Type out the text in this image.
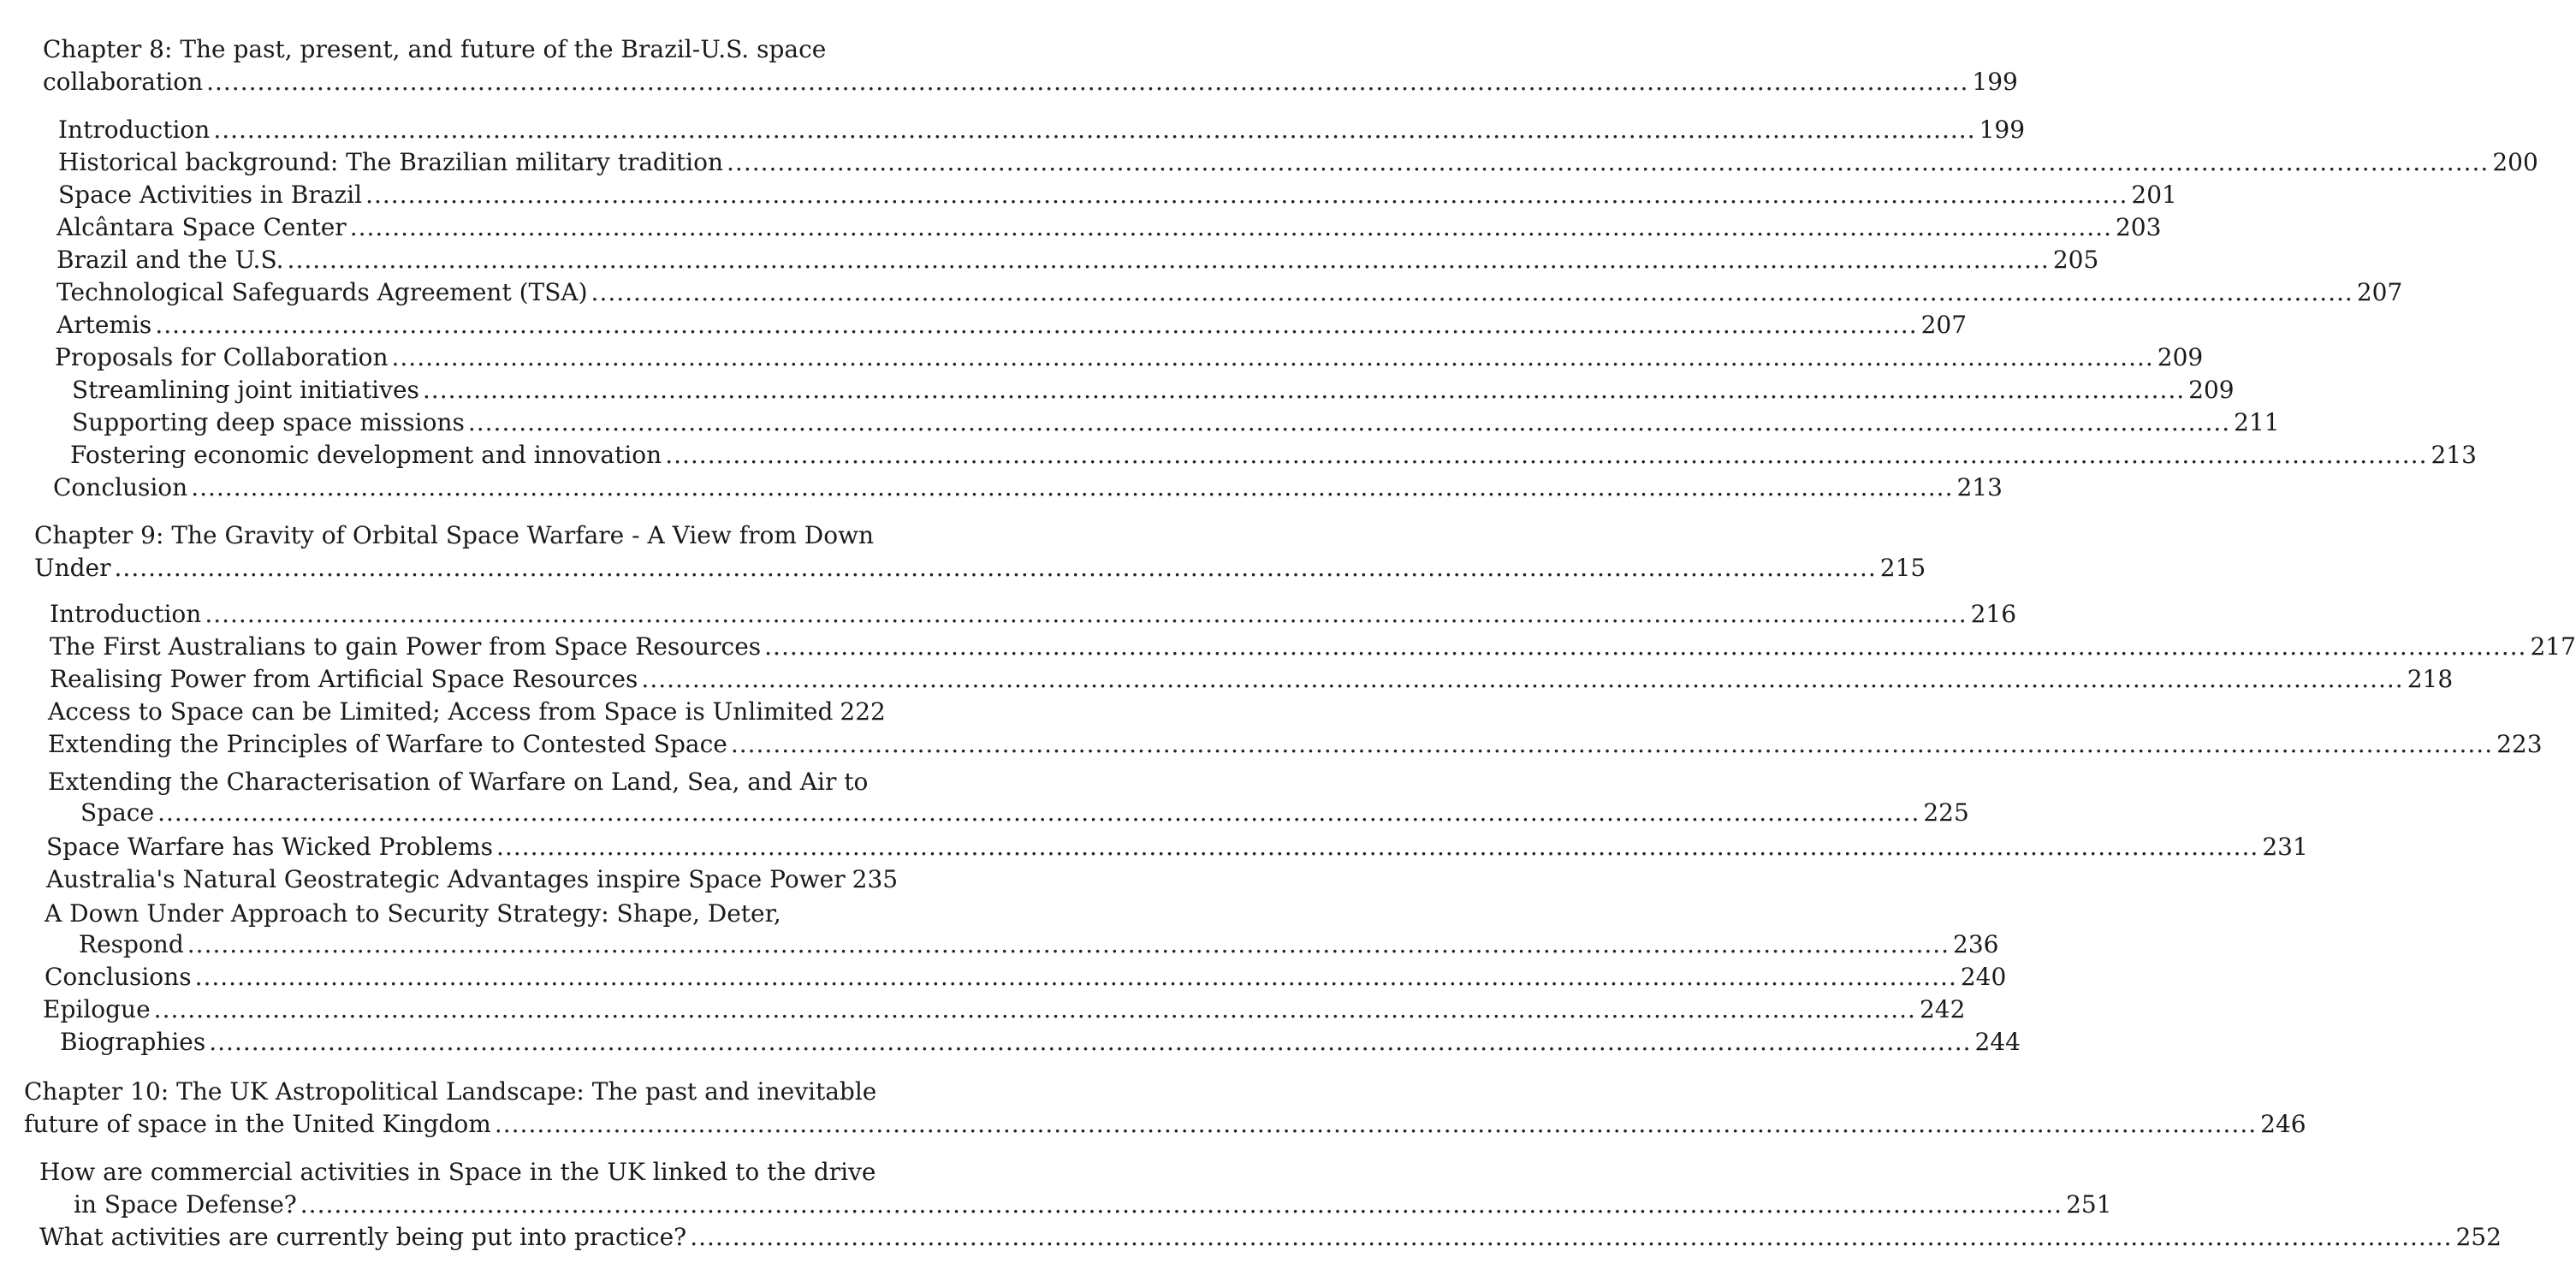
Chapter 8: The past, present, and future of the Brazil-U.S. space
collaboration .....	199
Introduction .....	199
Historical background: The Brazilian military tradition .....	200
Space Activities in Brazil .....	201
Alcântara Space Center .....	203
Brazil and the U.S. .....	205
Technological Safeguards Agreement (TSA) .....	207
Artemis .....	207
Proposals for Collaboration .....	209
Streamlining joint initiatives .....	209
Supporting deep space missions .....	211
Fostering economic development and innovation .....	213
Conclusion .....	213
Chapter 9: The Gravity of Orbital Space Warfare - A View from Down
Under .....	215
Introduction .....	216
The First Australians to gain Power from Space Resources .....	217
Realising Power from Artificial Space Resources .....	218
Access to Space can be Limited; Access from Space is Unlimited 222
Extending the Principles of Warfare to Contested Space .....	223
Extending the Characterisation of Warfare on Land, Sea, and Air to
Space .....	225
Space Warfare has Wicked Problems .....	231
Australia's Natural Geostrategic Advantages inspire Space Power 235
A Down Under Approach to Security Strategy: Shape, Deter,
Respond .....	236
Conclusions .....	240
Epilogue .....	242
Biographies .....	244
Chapter 10: The UK Astropolitical Landscape: The past and inevitable
future of space in the United Kingdom .....	246
How are commercial activities in Space in the UK linked to the drive
in Space Defense? .....	251
What activities are currently being put into practice? .....	252
